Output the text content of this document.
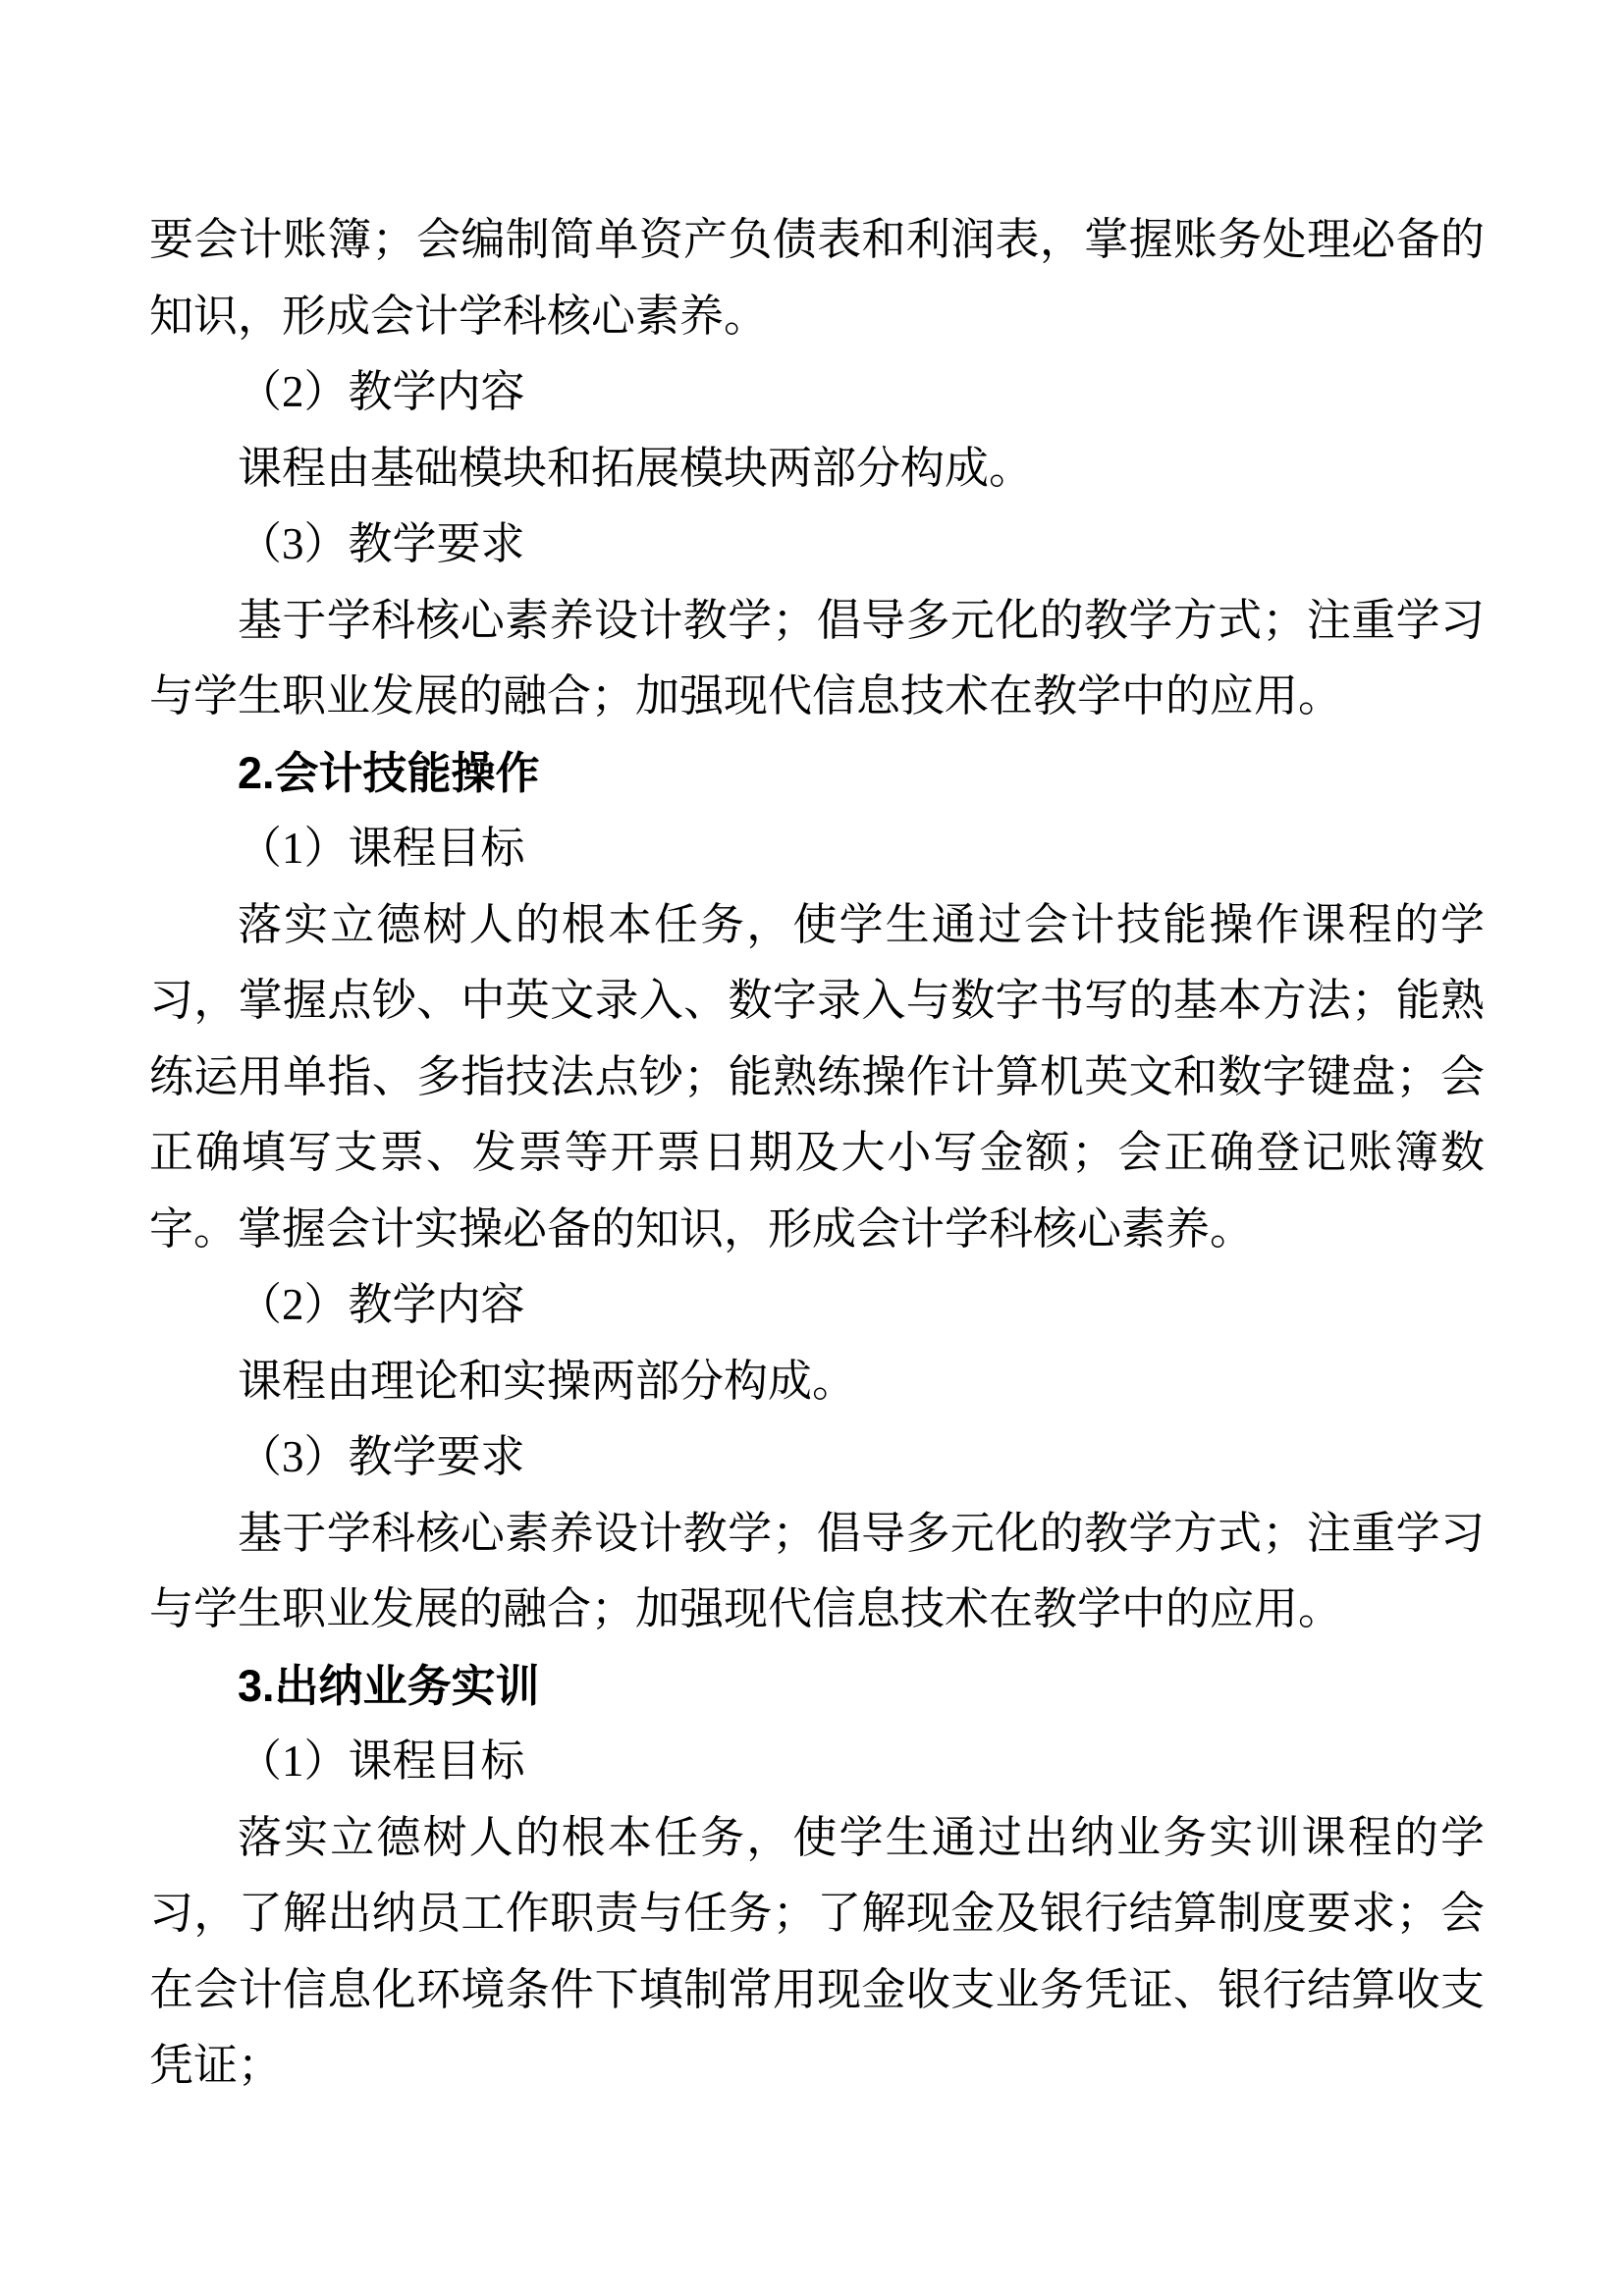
要会计账簿；会编制简单资产负债表和利润表，掌握账务处理必备的知识，形成会计学科核心素养。

（2）教学内容

课程由基础模块和拓展模块两部分构成。

（3）教学要求

基于学科核心素养设计教学；倡导多元化的教学方式；注重学习与学生职业发展的融合；加强现代信息技术在教学中的应用。

2.会计技能操作

（1）课程目标

落实立德树人的根本任务，使学生通过会计技能操作课程的学习，掌握点钞、中英文录入、数字录入与数字书写的基本方法；能熟练运用单指、多指技法点钞；能熟练操作计算机英文和数字键盘；会正确填写支票、发票等开票日期及大小写金额；会正确登记账簿数字。掌握会计实操必备的知识，形成会计学科核心素养。

（2）教学内容

课程由理论和实操两部分构成。

（3）教学要求

基于学科核心素养设计教学；倡导多元化的教学方式；注重学习与学生职业发展的融合；加强现代信息技术在教学中的应用。

3.出纳业务实训

（1）课程目标

落实立德树人的根本任务，使学生通过出纳业务实训课程的学习，了解出纳员工作职责与任务；了解现金及银行结算制度要求；会在会计信息化环境条件下填制常用现金收支业务凭证、银行结算收支凭证；
